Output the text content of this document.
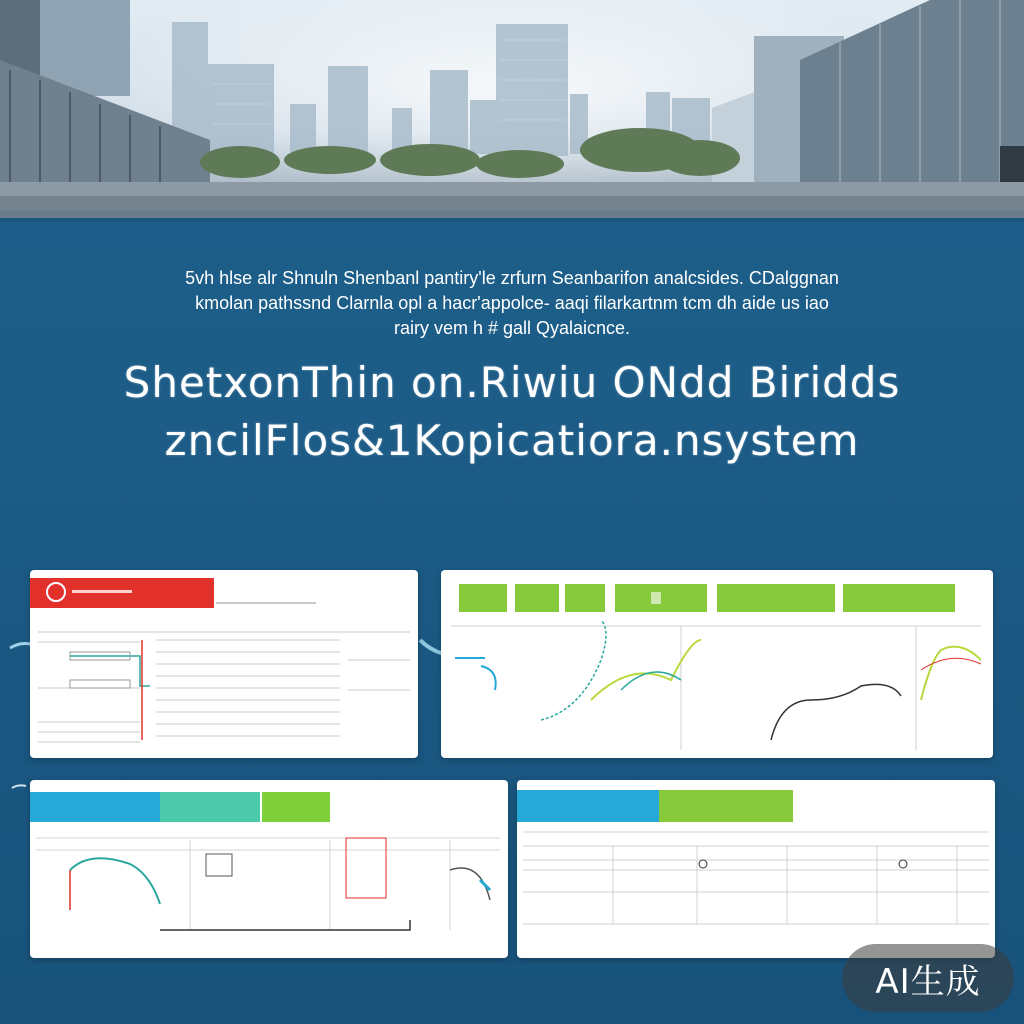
5vh hlse alr Shnuln Shenbanl pantiry'le zrfurn Seanbarifon analcsides. CDalggnan

kmolan pathssnd Clarnla opl a hacr'appolce- aaqi filarkartnm tcm dh aide us iao

rairy vem h # gall Qyalaicnce.

ShetxonThin on.Riwiu ONdd Biridds

zncilFlos&1Kopicatiora.nsystem

AI生成
